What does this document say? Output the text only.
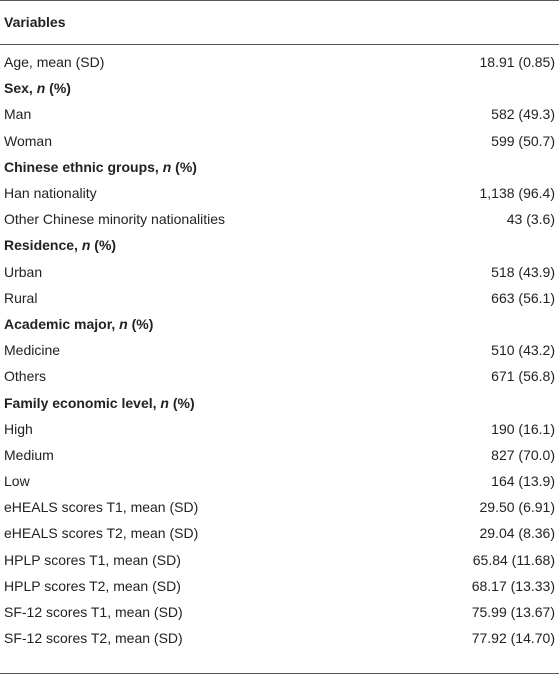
Variables
Age, mean (SD)	18.91 (0.85)
Sex, n (%)
Man	582 (49.3)
Woman	599 (50.7)
Chinese ethnic groups, n (%)
Han nationality	1,138 (96.4)
Other Chinese minority nationalities	43 (3.6)
Residence, n (%)
Urban	518 (43.9)
Rural	663 (56.1)
Academic major, n (%)
Medicine	510 (43.2)
Others	671 (56.8)
Family economic level, n (%)
High	190 (16.1)
Medium	827 (70.0)
Low	164 (13.9)
eHEALS scores T1, mean (SD)	29.50 (6.91)
eHEALS scores T2, mean (SD)	29.04 (8.36)
HPLP scores T1, mean (SD)	65.84 (11.68)
HPLP scores T2, mean (SD)	68.17 (13.33)
SF-12 scores T1, mean (SD)	75.99 (13.67)
SF-12 scores T2, mean (SD)	77.92 (14.70)
